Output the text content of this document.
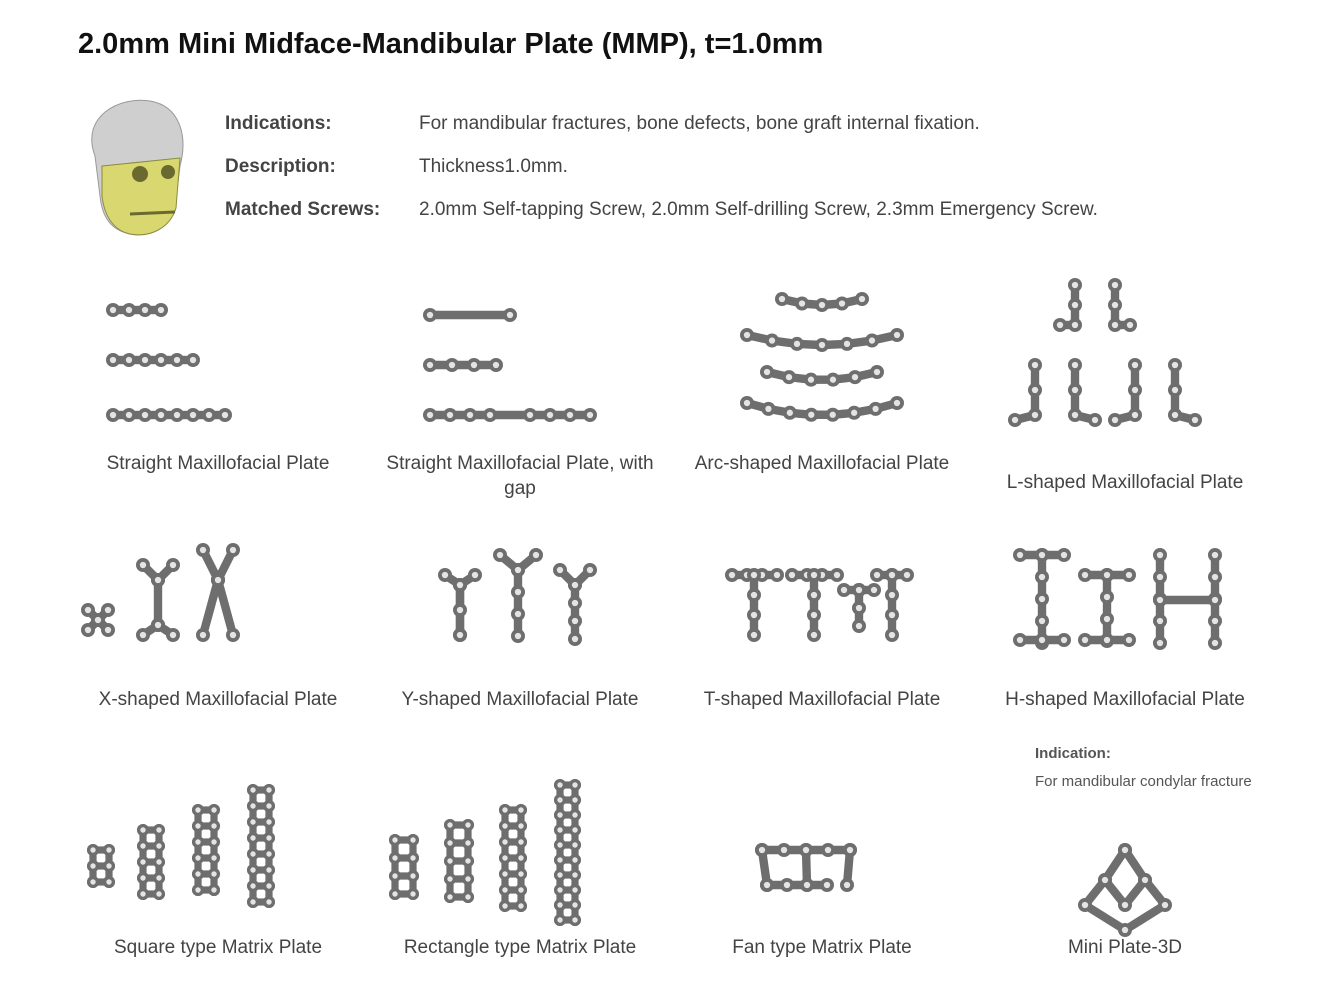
2.0mm Mini Midface-Mandibular Plate (MMP), t=1.0mm
Indications:	For mandibular fractures, bone defects, bone graft internal fixation.
Description:	Thickness1.0mm.
Matched Screws: 2.0mm Self-tapping Screw, 2.0mm Self-drilling Screw, 2.3mm Emergency Screw.
Straight Maxillofacial Plate	Straight Maxillofacial Plate, with gap
Arc-shaped Maxillofacial Plate
L-shaped Maxillofacial Plate
X-shaped Maxillofacial Plate	Y-shaped Maxillofacial Plate	T-shaped Maxillofacial Plate	H-shaped Maxillofacial Plate
Square type Matrix Plate	Rectangle type Matrix Plate	Fan type Matrix Plate	Mini Plate-3D
Indication:
For mandibular condylar fracture
